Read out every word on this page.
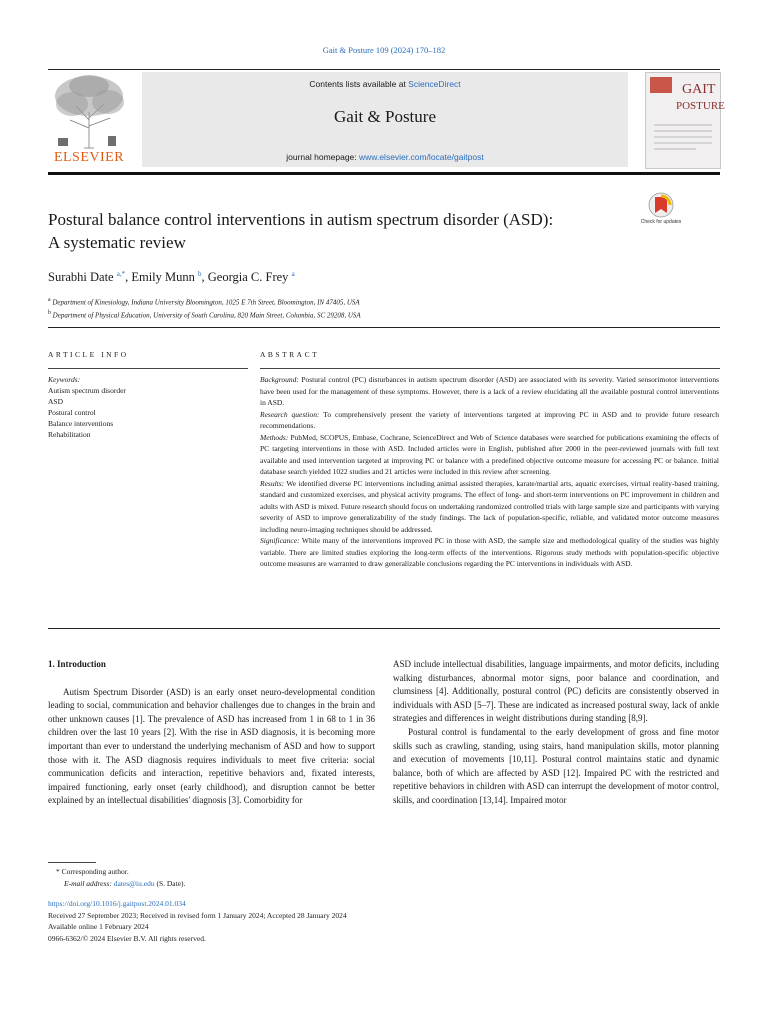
Gait & Posture 109 (2024) 170–182
ELSEVIER
Contents lists available at ScienceDirect
Gait & Posture
journal homepage: www.elsevier.com/locate/gaitpost
GAIT
POSTURE
Postural balance control interventions in autism spectrum disorder (ASD):
A systematic review
Check for updates
Surabhi Date $^{a,*}$, Emily Munn $^b$, Georgia C. Frey $^a$
$^a$ Department of Kinesiology, Indiana University Bloomington, 1025 E 7th Street, Bloomington, IN 47405, USA
$^b$ Department of Physical Education, University of South Carolina, 820 Main Street, Columbia, SC 29208, USA
ARTICLE INFO	ABSTRACT
Keywords:
Autism spectrum disorder
ASD
Postural control
Balance interventions
Rehabilitation

Background: Postural control (PC) disturbances in autism spectrum disorder (ASD) are associated with its severity. Varied sensorimotor interventions have been used for the management of these symptoms. However, there is a lack of a review elucidating all the available postural control interventions in ASD.

Research question: To comprehensively present the variety of interventions targeted at improving PC in ASD and to provide future research recommendations.

Methods: PubMed, SCOPUS, Embase, Cochrane, ScienceDirect and Web of Science databases were searched for publications examining the effects of PC targeting interventions in those with ASD. Included articles were in English, published after 2000 in the peer-reviewed journals with full text available and used intervention targeted at improving PC or balance with a predefined objective outcome measure for accessing PC or balance. Initial database search yielded 1022 studies and 21 articles were included in this review after screening.

Results: We identified diverse PC interventions including animal assisted therapies, karate/martial arts, aquatic exercises, virtual reality-based training, standard and customized exercises, and physical activity programs. The effect of long- and short-term interventions on PC improvement in children and adults with ASD is mixed. Future research should focus on undertaking randomized controlled trials with large sample size and participants with varying severity of ASD to improve generalizability of the study findings. The lack of population-specific, reliable, and validated motor outcome measures including neuro-imaging techniques should be addressed.

Significance: While many of the interventions improved PC in those with ASD, the sample size and methodological quality of the studies was highly variable. There are limited studies exploring the long-term effects of the interventions. Rigorous study methods with population-specific objective outcome measures are warranted to draw generalizable conclusions regarding the PC interventions in individuals with ASD.

1. Introduction

Autism Spectrum Disorder (ASD) is an early onset neuro-developmental condition leading to social, communication and behavior challenges due to changes in the brain and other unknown causes [1]. The prevalence of ASD has increased from 1 in 68 to 1 in 36 children over the last 10 years [2]. With the rise in ASD diagnosis, it is becoming more important than ever to understand the underlying mechanism of ASD and how to support those with it. The ASD diagnosis requires individuals to meet five criteria: social communication deficits and interaction, repetitive behaviors and, fixated interests, impaired functioning, early onset (early childhood), and disruption cannot be better explained by an intellectual disabilities' diagnosis [3]. Comorbidity for

ASD include intellectual disabilities, language impairments, and motor deficits, including walking disturbances, abnormal motor signs, poor balance and coordination, and clumsiness [4]. Additionally, postural control (PC) deficits are consistently observed in individuals with ASD [5–7]. These are indicated as increased postural sway, lack of ankle strategies and differences in weight distributions during standing [8,9].

Postural control is fundamental to the early development of gross and fine motor skills such as crawling, standing, using stairs, hand manipulation skills, motor planning and execution of movements [10,11]. Postural control maintains static and dynamic balance, both of which are affected by ASD [12]. Impaired PC with the restricted and repetitive behaviors in children with ASD can interrupt the development of motor control, skills, and coordination [13,14]. Impaired motor

* Corresponding author.
E-mail address: dates@iu.edu (S. Date).
https://doi.org/10.1016/j.gaitpost.2024.01.034
Received 27 September 2023; Received in revised form 1 January 2024; Accepted 28 January 2024
Available online 1 February 2024
0966-6362/© 2024 Elsevier B.V. All rights reserved.
